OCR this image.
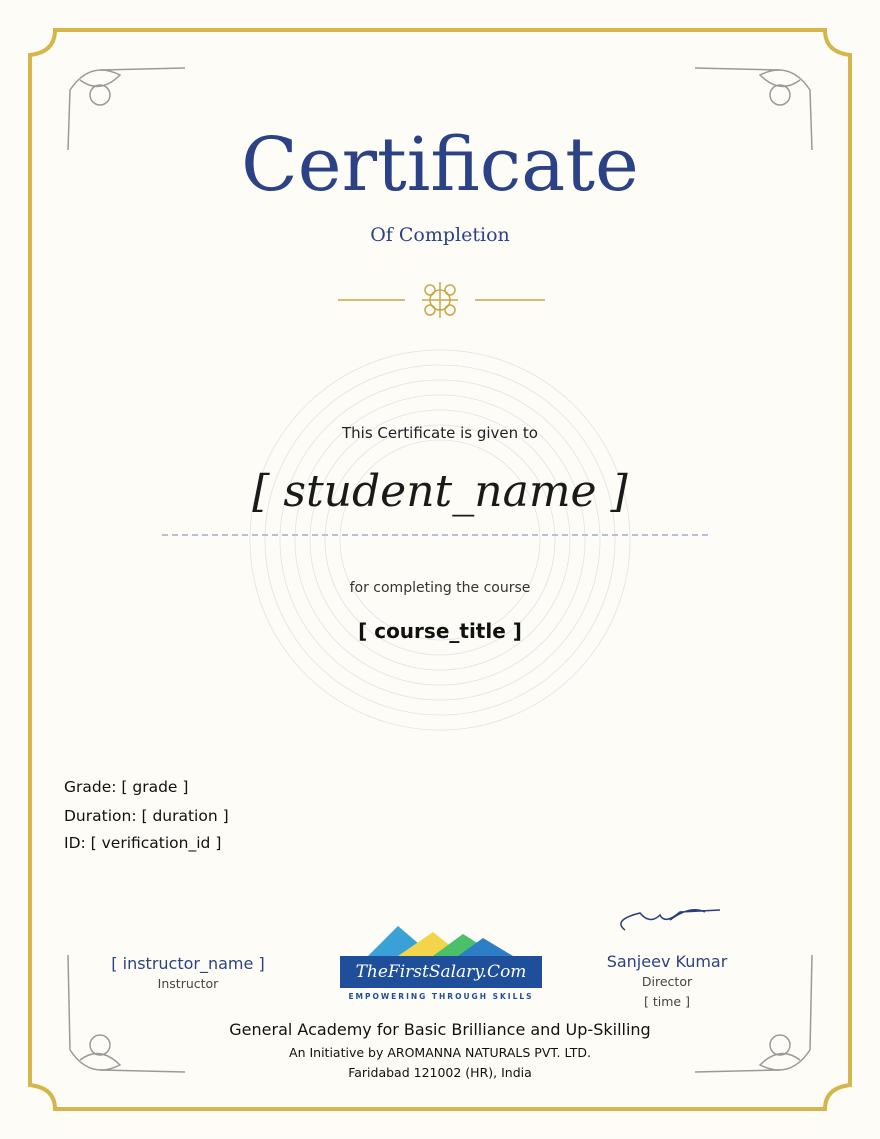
Certificate
Of Completion
This Certificate is given to
[ student_name ]
for completing the course
[ course_title ]
Grade: [ grade ]
Duration: [ duration ]
ID: [ verification_id ]
[ instructor_name ]
Instructor
TheFirstSalary.Com
EMPOWERING THROUGH SKILLS
Sanjeev Kumar
Director
[ time ]
General Academy for Basic Brilliance and Up-Skilling
An Initiative by AROMANNA NATURALS PVT. LTD.
Faridabad 121002 (HR), India
